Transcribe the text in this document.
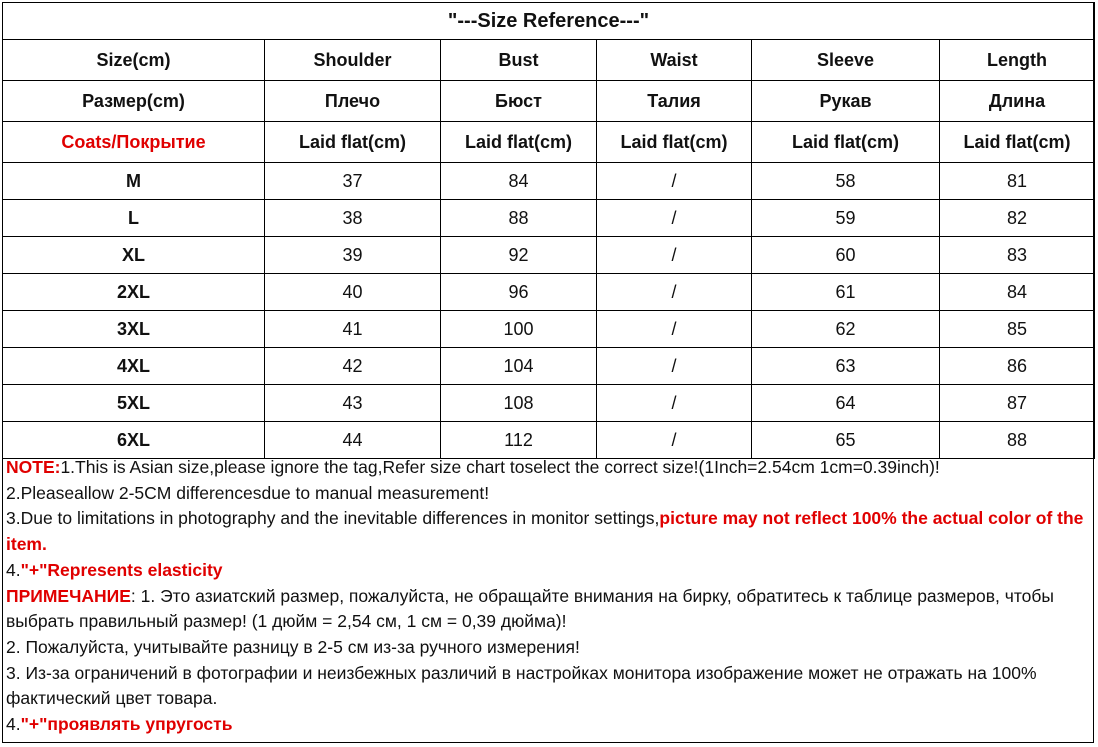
"---Size Reference---"					
Size(cm)	Shoulder	Bust	Waist	Sleeve	Length
Размер(cm)	Плечо	Бюст	Талия	Рукав	Длина
Coats/Покрытие	Laid flat(cm)	Laid flat(cm)	Laid flat(cm)	Laid flat(cm)	Laid flat(cm)
M	37	84	/	58	81
L	38	88	/	59	82
XL	39	92	/	60	83
2XL	40	96	/	61	84
3XL	41	100	/	62	85
4XL	42	104	/	63	86
5XL	43	108	/	64	87
6XL	44	112	/	65	88
NOTE:1.This is Asian size,please ignore the tag,Refer size chart toselect the correct size!(1Inch=2.54cm 1cm=0.39inch)!
2.Pleaseallow 2-5CM differencesdue to manual measurement!
3.Due to limitations in photography and the inevitable differences in monitor settings,picture may not reflect 100% the actual color of the item.
4."+"Represents elasticity
ПРИМЕЧАНИЕ: 1. Это азиатский размер, пожалуйста, не обращайте внимания на бирку, обратитесь к таблице размеров, чтобы выбрать правильный размер! (1 дюйм = 2,54 см, 1 см = 0,39 дюйма)!
2. Пожалуйста, учитывайте разницу в 2-5 см из-за ручного измерения!
3. Из-за ограничений в фотографии и неизбежных различий в настройках монитора изображение может не отражать на 100% фактический цвет товара.
4."+"проявлять упругость
